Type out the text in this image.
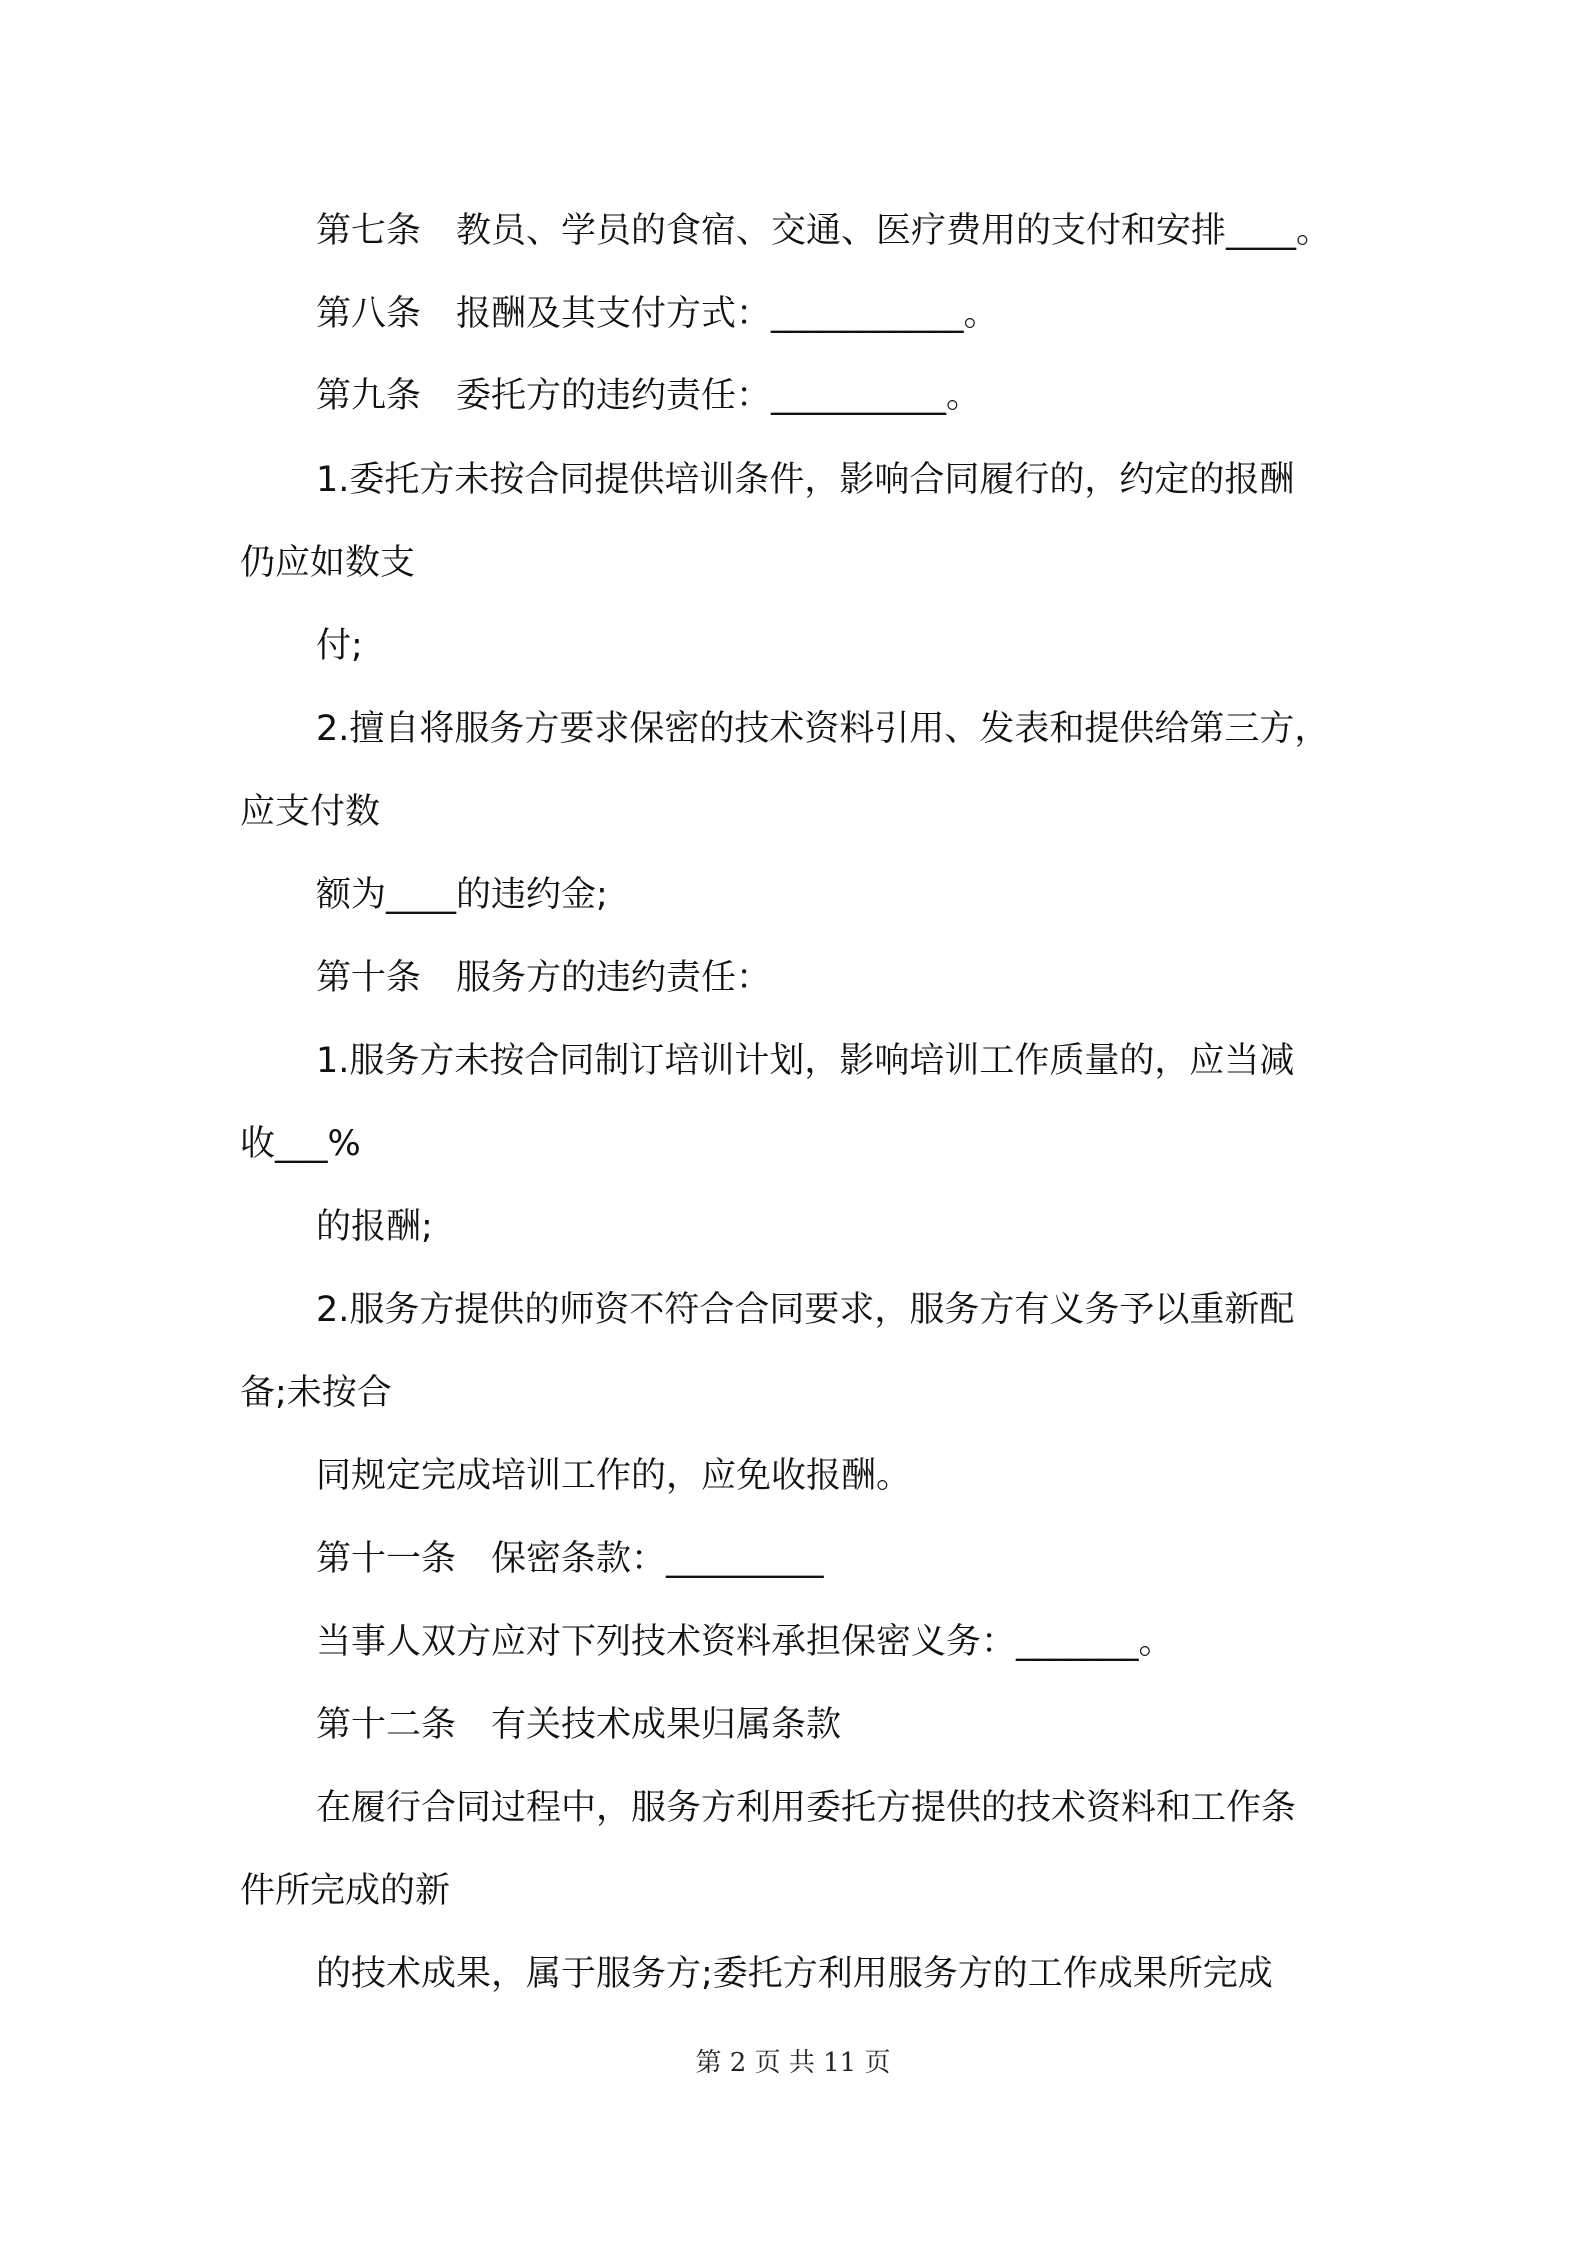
第七条　教员、学员的食宿、交通、医疗费用的支付和安排____。
第八条　报酬及其支付方式：___________。
第九条　委托方的违约责任：__________。
1.委托方未按合同提供培训条件，影响合同履行的，约定的报酬
仍应如数支
付;
2.擅自将服务方要求保密的技术资料引用、发表和提供给第三方，
应支付数
额为____的违约金;
第十条　服务方的违约责任：
1.服务方未按合同制订培训计划，影响培训工作质量的，应当减
收___%
的报酬;
2.服务方提供的师资不符合合同要求，服务方有义务予以重新配
备;未按合
同规定完成培训工作的，应免收报酬。
第十一条　保密条款：_________
当事人双方应对下列技术资料承担保密义务：_______。
第十二条　有关技术成果归属条款
在履行合同过程中，服务方利用委托方提供的技术资料和工作条
件所完成的新
的技术成果，属于服务方;委托方利用服务方的工作成果所完成
第 2 页 共 11 页
